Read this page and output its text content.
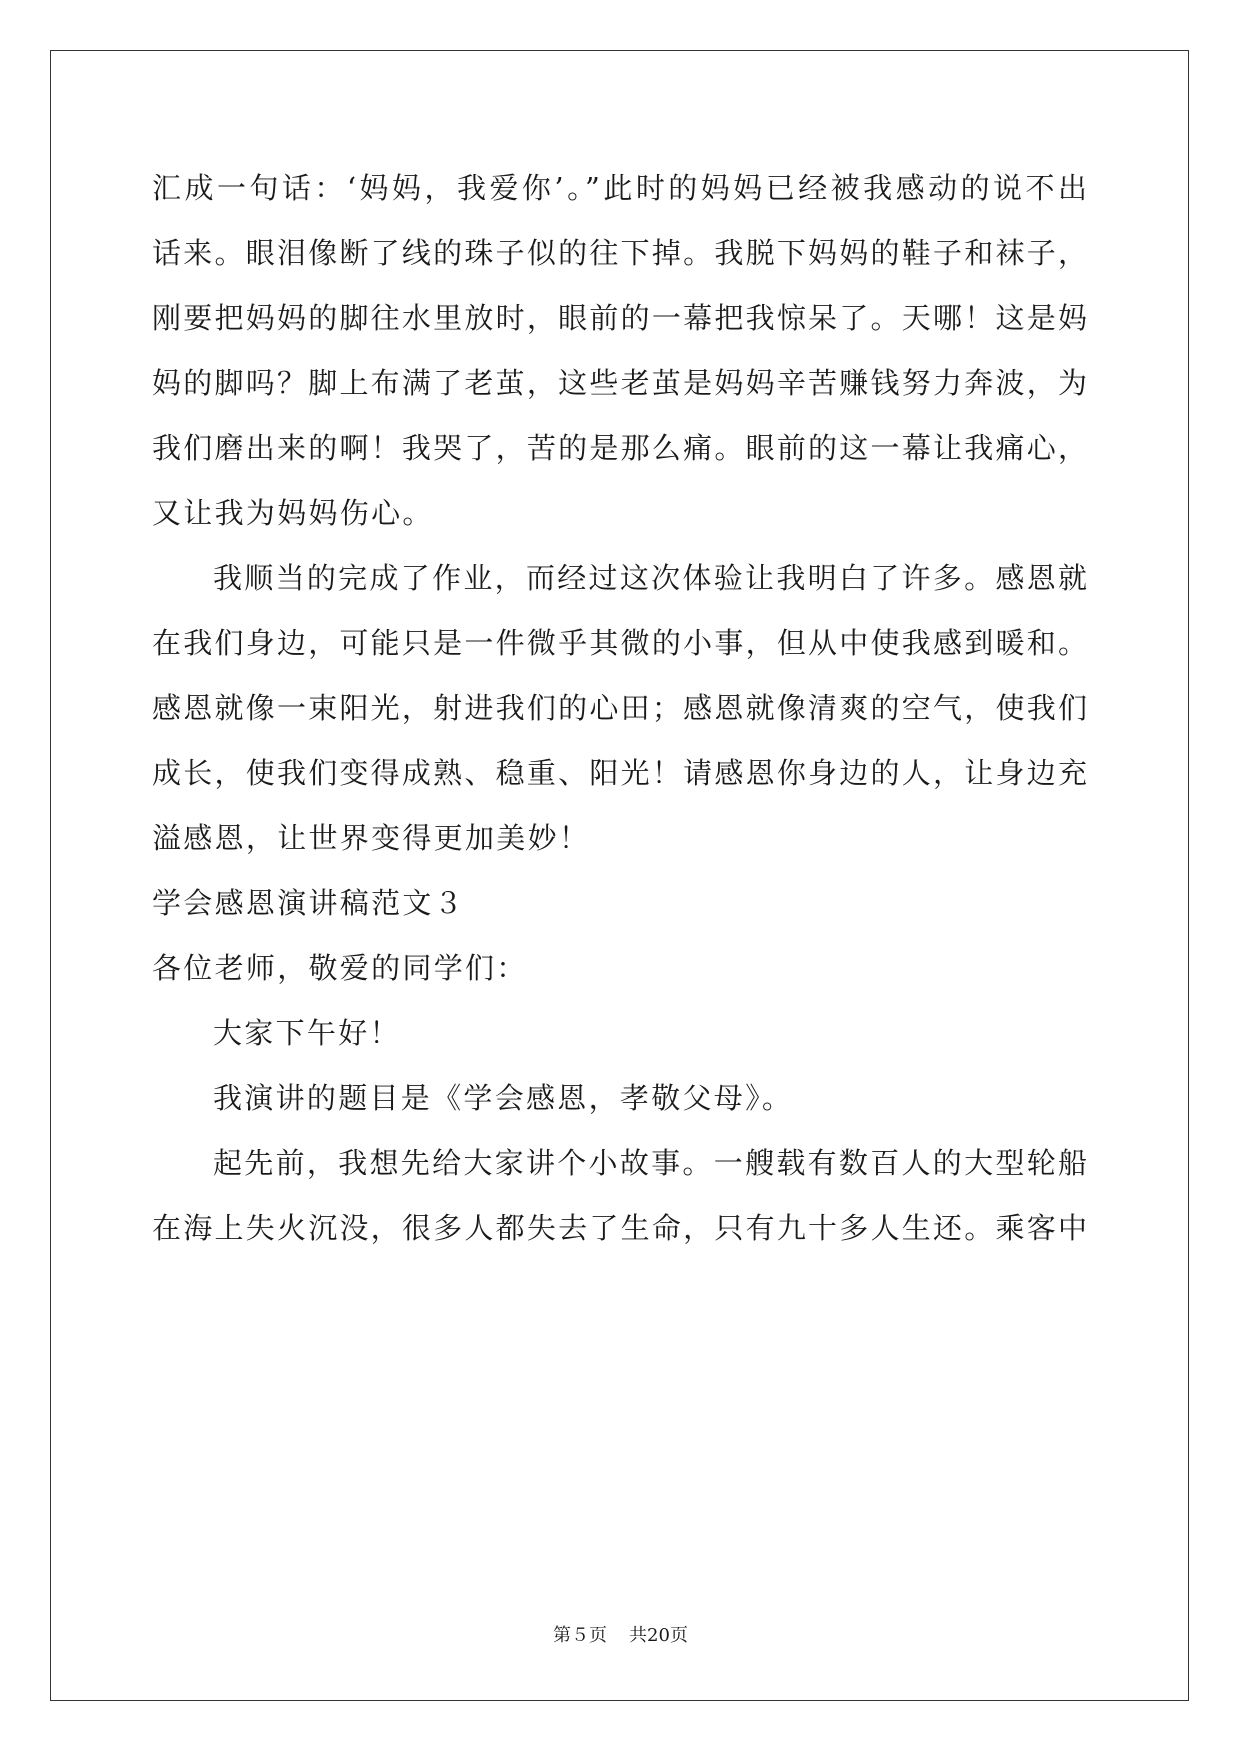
汇成一句话：‘妈妈，我爱你’。”此时的妈妈已经被我感动的说不出
话来。眼泪像断了线的珠子似的往下掉。我脱下妈妈的鞋子和袜子，
刚要把妈妈的脚往水里放时，眼前的一幕把我惊呆了。天哪！这是妈
妈的脚吗？脚上布满了老茧，这些老茧是妈妈辛苦赚钱努力奔波，为
我们磨出来的啊！我哭了，苦的是那么痛。眼前的这一幕让我痛心，
又让我为妈妈伤心。
我顺当的完成了作业，而经过这次体验让我明白了许多。感恩就
在我们身边，可能只是一件微乎其微的小事，但从中使我感到暖和。
感恩就像一束阳光，射进我们的心田；感恩就像清爽的空气，使我们
成长，使我们变得成熟、稳重、阳光！请感恩你身边的人，让身边充
溢感恩，让世界变得更加美妙！
学会感恩演讲稿范文３
各位老师，敬爱的同学们：
大家下午好！
我演讲的题目是《学会感恩，孝敬父母》。
起先前，我想先给大家讲个小故事。一艘载有数百人的大型轮船
在海上失火沉没，很多人都失去了生命，只有九十多人生还。乘客中
第５页 共20页
